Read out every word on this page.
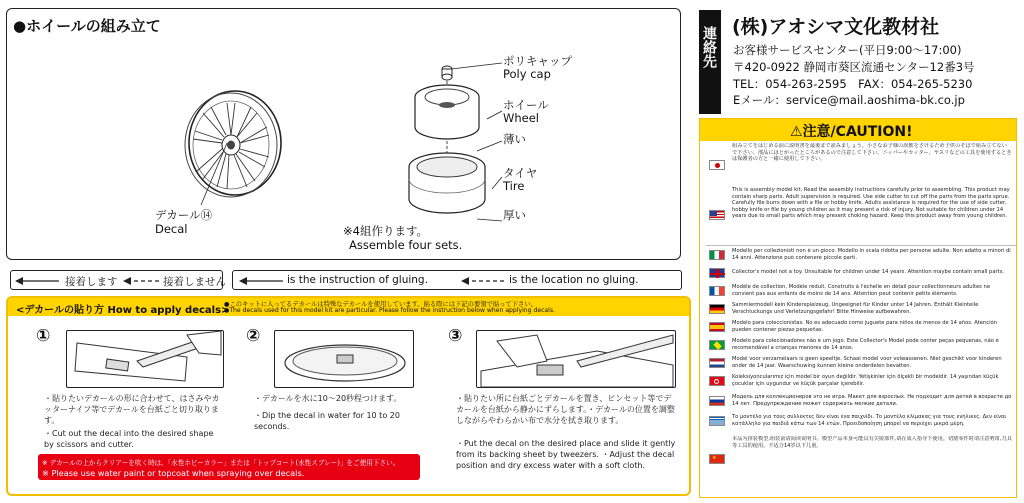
●ホイールの組み立て
デカール⑭
Decal
ポリキャップ
Poly cap
ホイール
Wheel
薄い
タイヤ
Tire
厚い
※4組作ります。
Assemble four sets.
接着します	接着しません	is the instruction of gluing.	is the location no gluing.
<デカールの貼り方 How to apply decals>
●このキットに入ってるデカールは特殊なデカールを使用しています。貼る際には下記の要領で貼って下さい。
●The decals used for this model kit are particular. Please follow the instruction below when applying decals.
①
・貼りたいデカールの形に合わせて、はさみやカッターナイフ等でデカールを台紙ごと切り取ります。
・Cut out the decal into the desired shape by scissors and cutter.
②
・デカールを水に10〜20秒程つけます。
・Dip the decal in water for 10 to 20 seconds.
③
・貼りたい所に台紙ごとデカールを置き、ピンセット等でデカールを台紙から静かにずらします。・デカールの位置を調整しながらやわらかい布で水分を拭き取ります。
・Put the decal on the desired place and slide it gently from its backing sheet by tweezers. ・Adjust the decal position and dry excess water with a soft cloth.
※ デカールの上からクリアーを吹く時は、「水性ホビーカラー」または「トップコート(水性スプレー)」をご使用下さい。
※ Please use water paint or topcoat when spraying over decals.
連絡先 (株)アオシマ文化教材社
お客様サービスセンター(平日9:00〜17:00)
〒420-0922 静岡市葵区流通センター12番3号
TEL：054-263-2595　FAX：054-265-5230
Eメール：service@mail.aoshima-bk.co.jp
⚠注意/CAUTION!
組み立てをはじめる前に説明書を最後まで読みましょう。小さなお子様の誤飲をさけるため子供のそばで組み立てないで下さい。部品にはとがったところがあるので注意して下さい。ニッパーやカッター、ヤスリなどの工具を使用するときは保護者の方と一緒に使用して下さい。
This is assembly model kit. Read the assembly instructions carefully prior to assembling. This product may contain sharp parts. Adult supervision is required. Use side cutter to cut off the parts from the parts sprue. Carefully file burrs down with a file or hobby knife. Adults assistance is required for the use of side cutter, hobby knife or file by young children as it may present a risk of injury. Not suitable for children under 14 years due to small parts which may present choking hazard. Keep this product away from young children.
Modello per collezionisti non è un gioco. Modello in scala ridotta per persone adulte. Non adatto a minori di 14 anni. Attenzione può contenere piccole parti.
Collector's model not a toy. Unsuitable for children under 14 years. Attention maybe contain small parts.
Modèle de collection, Modèle réduit. Construits à l'échelle en détail pour collectionneurs adultes ne convient pas aux enfants de moins de 14 ans. Attention peut contenir petits éléments.
Sammlermodell kein Kinderspielzeug. Ungeeignet für Kinder unter 14 Jahren. Enthält Kleinteile Verschluckungs und Verletzungsgefahr! Bitte Hinweise aufbewahren.
Modelo para coleccionistas. No es adecuado como juguete para niños de menos de 14 años. Atención pueden contener piezas pequeñas.
Modelo para colecionadores não é um jogo. Este Collector's Model pode conter peças pequenas, não é recomendável a crianças menores de 14 anos.
Model voor verzamelaars is geen speeltje. Schaal model voor volwassenen. Niet geschikt voor kinderen onder de 14 jaar. Waarschuwing kunnen kleine onderdelen bevatten.
Koleksiyoncularımız için model bir oyun değildir. Yetişkinler için ölçekli bir modeldir. 14 yaşından küçük çocuklar için uygundur ve küçük parçalar içerebilir.
Модель для коллекционеров это не игра. Макет для взрослых. Не подходит для детей в возрасте до 14 лет. Предупреждение может содержать мелкие детали.
Το μοντέλο για τους συλλέκτες δεν είναι ένα παιχνίδι. Το μοντέλο κλίμακας για τους ενήλικες. Δεν είναι κατάλληλο για παιδιά κάτω των 14 ετών. Προειδοποίηση μπορεί να περιέχει μικρά μέρη.
★
本品为拼装模型,组装前请阅读说明书。模型产品本身可能具有尖锐部件,请在成人指导下使用。切割零件时请注意剪钳,刀具等工具的使用。不适合14岁以下儿童。
